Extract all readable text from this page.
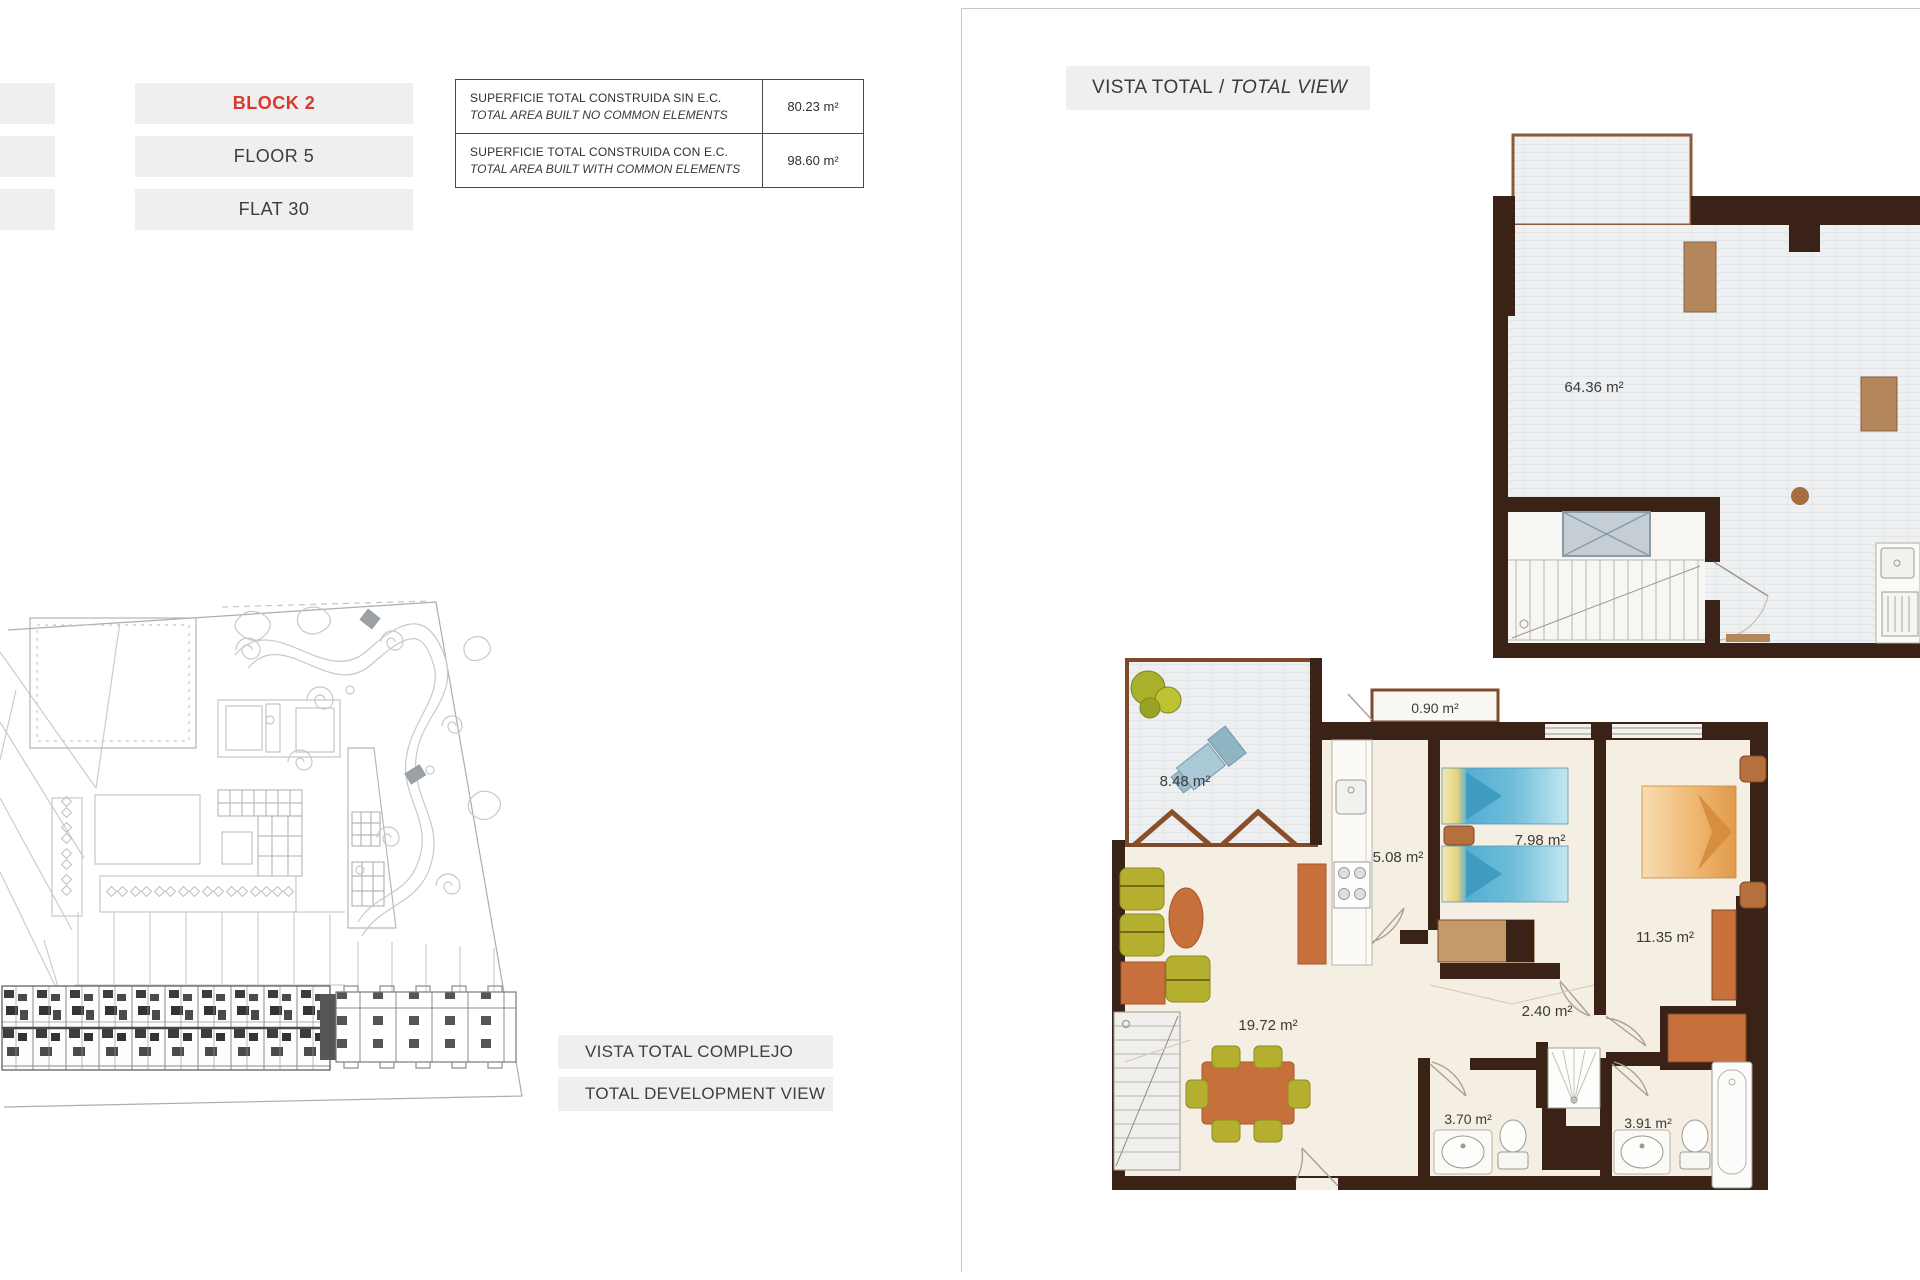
BLOCK 2
FLOOR 5
FLAT 30
SUPERFICIE TOTAL CONSTRUIDA SIN E.C.
TOTAL AREA BUILT NO COMMON ELEMENTS
80.23 m²
SUPERFICIE TOTAL CONSTRUIDA CON E.C.
TOTAL AREA BUILT WITH COMMON ELEMENTS
98.60 m²
VISTA TOTAL / TOTAL VIEW
VISTA TOTAL COMPLEJO
TOTAL DEVELOPMENT VIEW
64.36 m²
8.48 m²
0.90 m²
5.08 m²
7.98 m²
11.35 m²
19.72 m²
2.40 m²
3.70 m²	3.91 m²
